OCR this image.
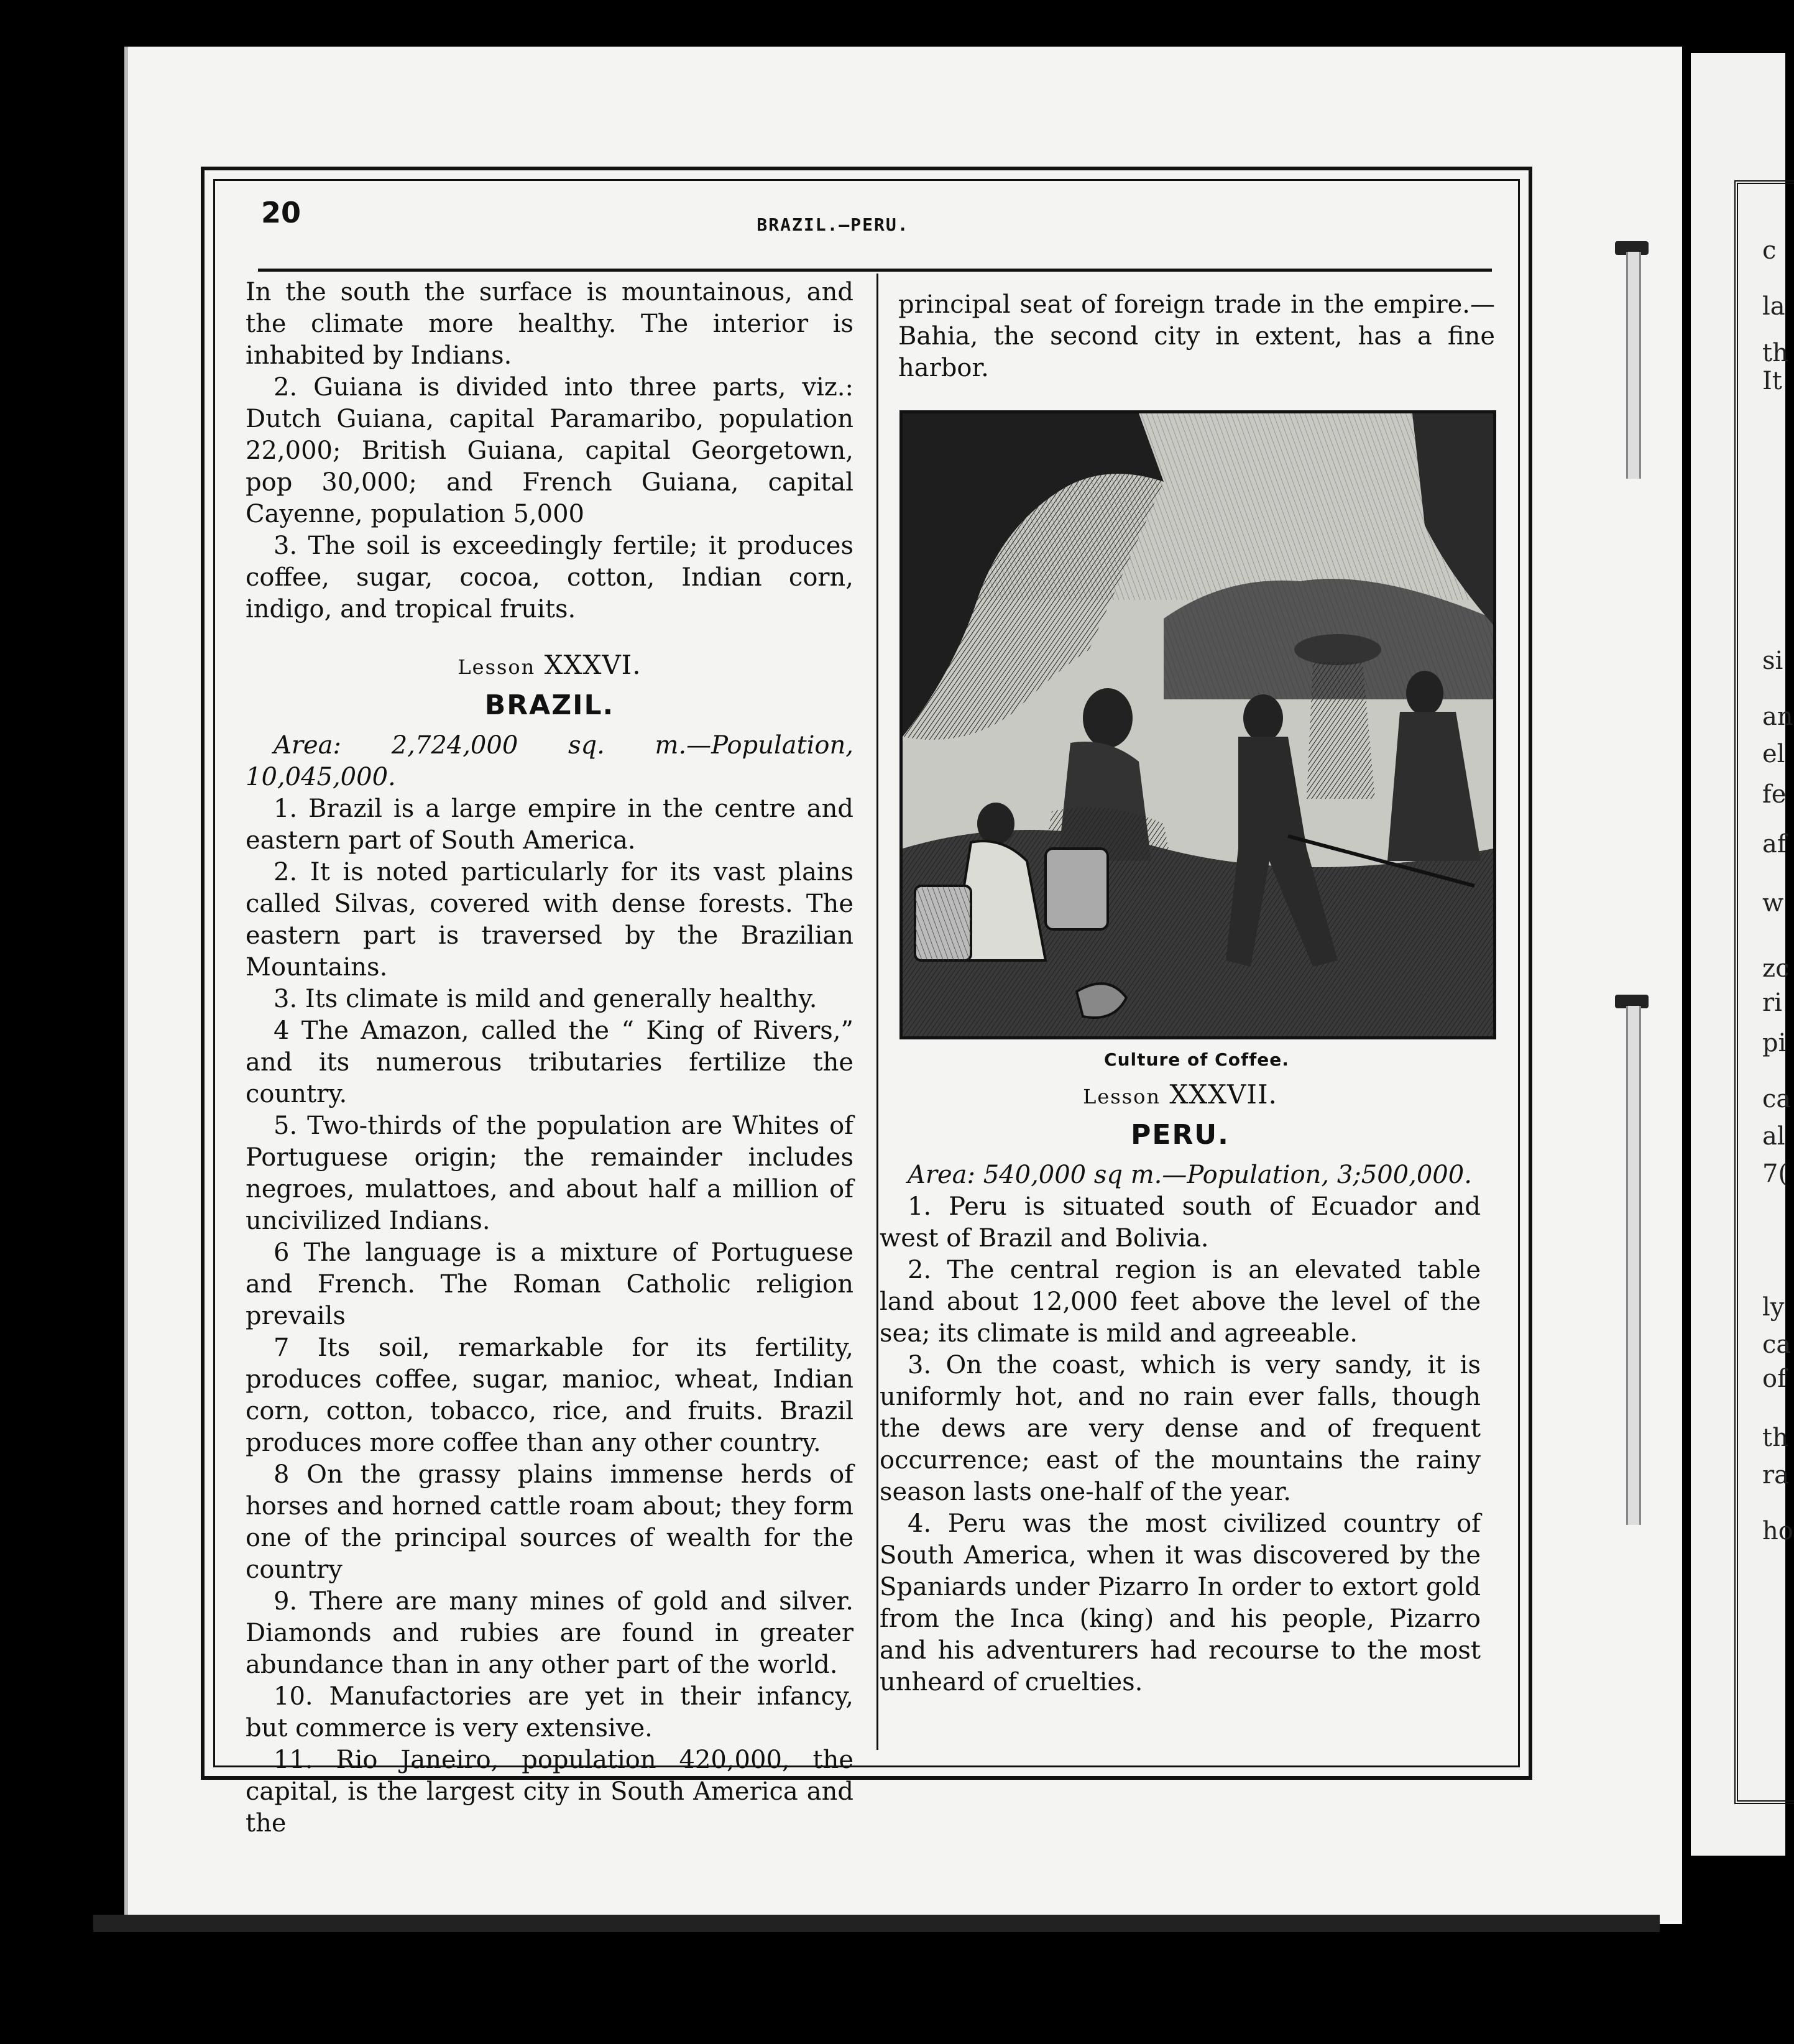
c
la
th
It
si
an
el
fe
af
w
zc
ri
pi
ca
al
7(
ly
ca
of
th
ra
ho
20	BRAZIL.—PERU.

In the south the surface is mountainous, and the climate more healthy. The interior is inhabited by Indians.

2. Guiana is divided into three parts, viz.: Dutch Guiana, capital Paramaribo, population 22,000; British Guiana, capital Georgetown, pop 30,000; and French Guiana, capital Cayenne, population 5,000

3. The soil is exceedingly fertile; it produces coffee, sugar, cocoa, cotton, Indian corn, indigo, and tropical fruits.

Lesson XXXVI.
BRAZIL.

Area: 2,724,000 sq. m.—Population, 10,045,000.

1. Brazil is a large empire in the centre and eastern part of South America.

2. It is noted particularly for its vast plains called Silvas, covered with dense forests. The eastern part is traversed by the Brazilian Mountains.

3. Its climate is mild and generally healthy.

4 The Amazon, called the “ King of Rivers,” and its numerous tributaries fertilize the country.

5. Two-thirds of the population are Whites of Portuguese origin; the remainder includes negroes, mulattoes, and about half a million of uncivilized Indians.

6 The language is a mixture of Portuguese and French. The Roman Catholic religion prevails

7 Its soil, remarkable for its fertility, produces coffee, sugar, manioc, wheat, Indian corn, cotton, tobacco, rice, and fruits. Brazil produces more coffee than any other country.

8 On the grassy plains immense herds of horses and horned cattle roam about; they form one of the principal sources of wealth for the country

9. There are many mines of gold and silver. Diamonds and rubies are found in greater abundance than in any other part of the world.

10. Manufactories are yet in their infancy, but commerce is very extensive.

11. Rio Janeiro, population 420,000, the capital, is the largest city in South America and the

principal seat of foreign trade in the empire.—Bahia, the second city in extent, has a fine harbor.

Culture of Coffee.
Lesson XXXVII.
PERU.

Area: 540,000 sq m.—Population, 3;500,000.

1. Peru is situated south of Ecuador and west of Brazil and Bolivia.

2. The central region is an elevated table land about 12,000 feet above the level of the sea; its climate is mild and agreeable.

3. On the coast, which is very sandy, it is uniformly hot, and no rain ever falls, though the dews are very dense and of frequent occurrence; east of the mountains the rainy season lasts one-half of the year.

4. Peru was the most civilized country of South America, when it was discovered by the Spaniards under Pizarro In order to extort gold from the Inca (king) and his people, Pizarro and his adventurers had recourse to the most unheard of cruelties.
